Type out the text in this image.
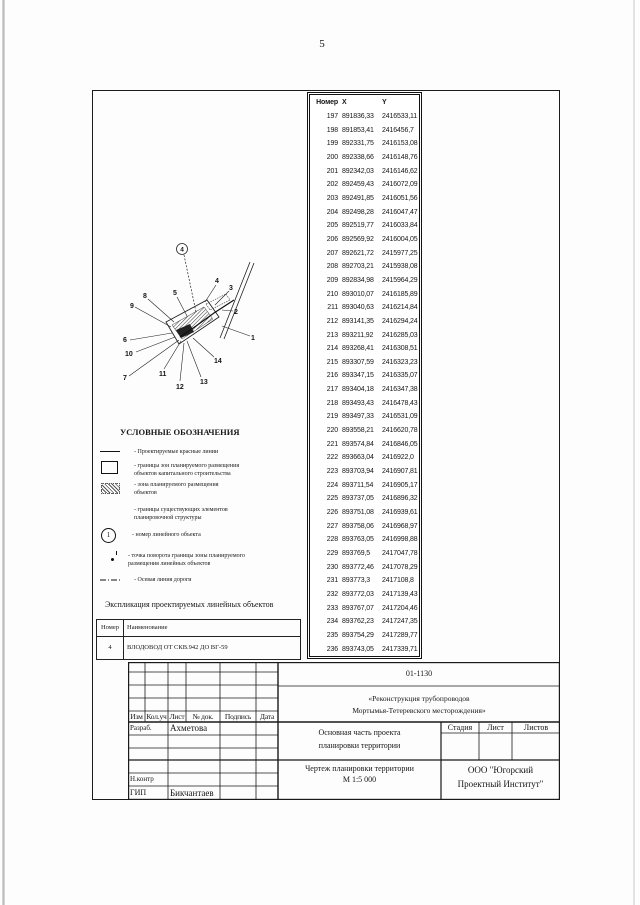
5
Номер X	Y
197 891836,33	2416533,11
198 891853,41	2416456,7
199 892331,75	2416153,08
200 892338,66	2416148,76
201 892342,03	2416146,62
202 892459,43	2416072,09
203 892491,85	2416051,56
204 892498,28	2416047,47
205 892519,77	2416033,84
206 892569,92	2416004,05
207 892621,72	2415977,25
208 892703,21	2415938,08
209 892834,98	2415964,29
210 893010,07	2416185,89
211 893040,63	2416214,84
212 893141,35	2416294,24
213 893211,92	2416285,03
214 893268,41	2416308,51
215 893307,59	2416323,23
216 893347,15	2416335,07
217 893404,18	2416347,38
218 893493,43	2416478,43
219 893497,33	2416531,09
220 893558,21	2416620,78
221 893574,84	2416846,05
222 893663,04	2416922,0
223 893703,94	2416907,81
224 893711,54	2416905,17
225 893737,05	2416896,32
226 893751,08	2416939,61
227 893758,06	2416968,97
228 893763,05	2416998,88
229 893769,5	2417047,78
230 893772,46	2417078,29
231 893773,3	2417108,8
232 893772,03	2417139,43
233 893767,07	2417204,46
234 893762,23	2417247,35
235 893754,29	2417289,77
236 893743,05	2417339,71
4
1
2
3
4
5
6
7
8
9
10
11
12
13
14
УСЛОВНЫЕ ОБОЗНАЧЕНИЯ
- Проектируемые красные линии
- границы зон планируемого размещения
объектов капитального строительства
- зона планируемого размещения
объектов
- границы существующих элементов
планировочной структуры
1	- номер линейного объекта
- точка поворота границы зоны планируемого
размещения линейных объектов
- Осевая линия дороги
Экспликация проектируемых линейных объектов
Номер	Наименование
4	ВЛОДОВОД ОТ СКВ.942 ДО ВГ-59
Изм Кол.уч Лист	№ док.	Подпись	Дата
Разраб. Ахметова
Н.контр
ГИП	Бикчантаев
01-1130
«Реконструкция трубопроводов
Мортымья-Тетеревского месторождения»
Основная часть проекта
планировки территории
Стадия	Лист	Листов
Чертеж планировки территории
М 1:5 000
ООО "Югорский
Проектный Институт"
